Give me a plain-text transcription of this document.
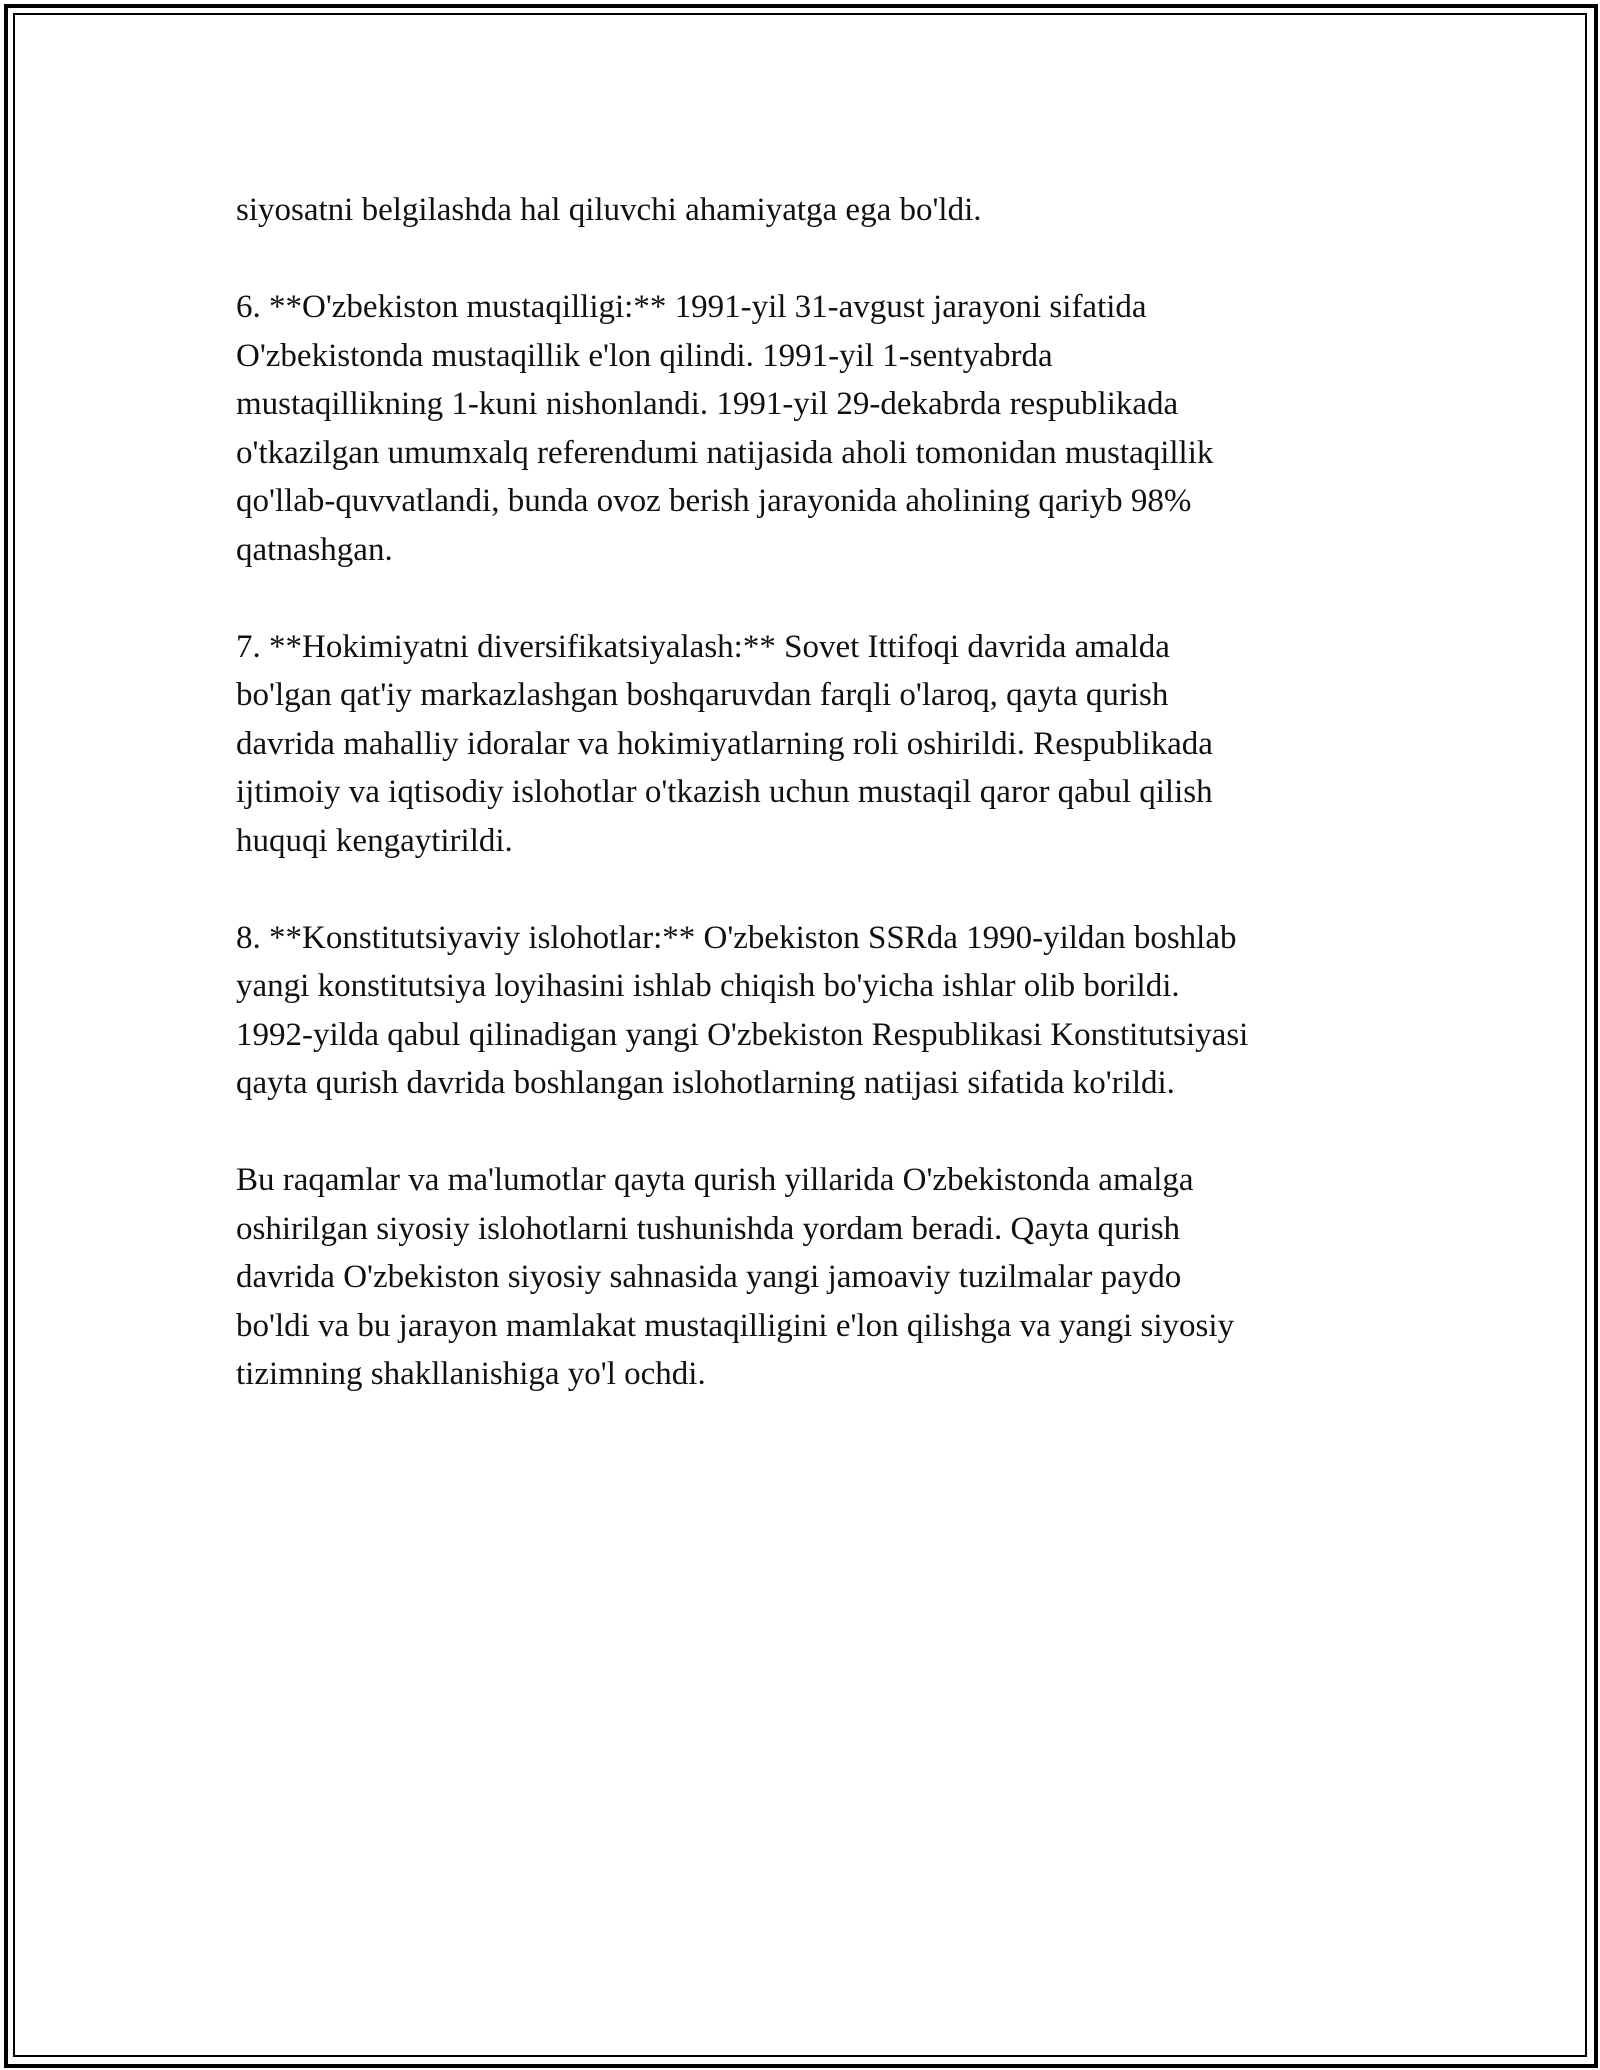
siyosatni belgilashda hal qiluvchi ahamiyatga ega bo'ldi.

6. **O'zbekiston mustaqilligi:** 1991-yil 31-avgust jarayoni sifatida
O'zbekistonda mustaqillik e'lon qilindi. 1991-yil 1-sentyabrda
mustaqillikning 1-kuni nishonlandi. 1991-yil 29-dekabrda respublikada
o'tkazilgan umumxalq referendumi natijasida aholi tomonidan mustaqillik
qo'llab-quvvatlandi, bunda ovoz berish jarayonida aholining qariyb 98%
qatnashgan.

7. **Hokimiyatni diversifikatsiyalash:** Sovet Ittifoqi davrida amalda
bo'lgan qat'iy markazlashgan boshqaruvdan farqli o'laroq, qayta qurish
davrida mahalliy idoralar va hokimiyatlarning roli oshirildi. Respublikada
ijtimoiy va iqtisodiy islohotlar o'tkazish uchun mustaqil qaror qabul qilish
huquqi kengaytirildi.

8. **Konstitutsiyaviy islohotlar:** O'zbekiston SSRda 1990-yildan boshlab
yangi konstitutsiya loyihasini ishlab chiqish bo'yicha ishlar olib borildi.
1992-yilda qabul qilinadigan yangi O'zbekiston Respublikasi Konstitutsiyasi
qayta qurish davrida boshlangan islohotlarning natijasi sifatida ko'rildi.

Bu raqamlar va ma'lumotlar qayta qurish yillarida O'zbekistonda amalga
oshirilgan siyosiy islohotlarni tushunishda yordam beradi. Qayta qurish
davrida O'zbekiston siyosiy sahnasida yangi jamoaviy tuzilmalar paydo
bo'ldi va bu jarayon mamlakat mustaqilligini e'lon qilishga va yangi siyosiy
tizimning shakllanishiga yo'l ochdi.
